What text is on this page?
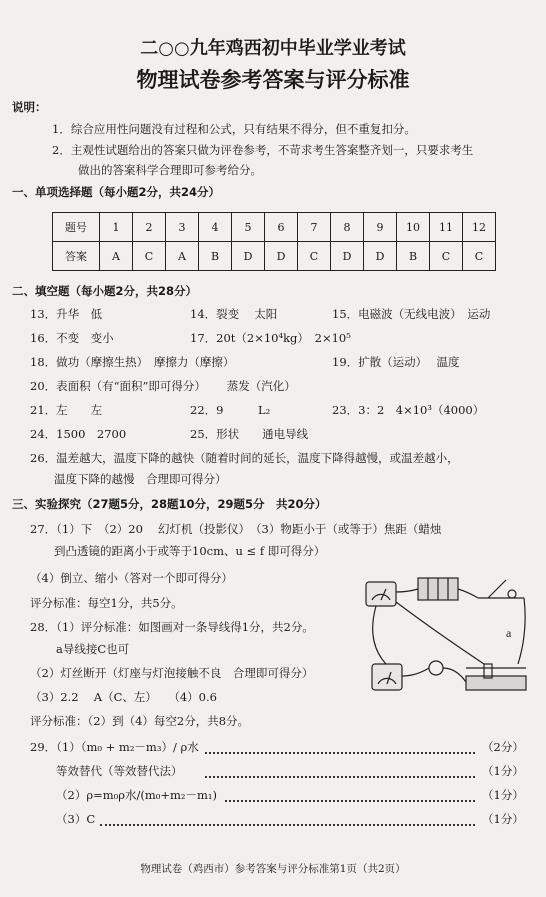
二○○九年鸡西初中毕业学业考试
物理试卷参考答案与评分标准
说明：
1．综合应用性问题没有过程和公式，只有结果不得分，但不重复扣分。
2．主观性试题给出的答案只做为评卷参考，不苛求考生答案整齐划一，只要求考生
做出的答案科学合理即可参考给分。
一、单项选择题（每小题2分，共24分）
题号	1	2	3	4	5	6	7	8	9	10	11	12
答案	A	C	A	B	D	D	C	D	D	B	C	C
二、填空题（每小题2分，共28分）
13．升华　低	14．裂变　 太阳	15．电磁波（无线电波）　运动
16．不变　变小	17．20t（2×10⁴kg）　2×10⁵
18．做功（摩擦生热）　摩擦力（摩擦）	19．扩散（运动）　 温度
20．表面积（有“面积”即可得分）　　 蒸发（汽化）
21．左　　左	22．9　　　L₂	23．3：2　4×10³（4000）
24．1500　2700	25．形状　　通电导线
26．温差越大，温度下降的越快（随着时间的延长，温度下降得越慢，或温差越小，
温度下降的越慢　合理即可得分）
三、实验探究（27题5分，28题10分，29题5分　共20分）
27．（1）下　（2）20　 幻灯机（投影仪）　（3）物距小于（或等于）焦距（蜡烛
到凸透镜的距离小于或等于10cm、u ≤ f 即可得分）
（4）倒立、缩小（答对一个即可得分）
评分标准：每空1分，共5分。
28．（1）评分标准：如图画对一条导线得1分，共2分。
a导线接C也可
（2）灯丝断开（灯座与灯泡接触不良　合理即可得分）
（3）2.2　 A（C、左）　　（4）0.6
评分标准：（2）到（4）每空2分，共8分。
29．（1）（m₀ + m₂－m₃）/ ρ水	（2分）
等效替代（等效替代法）	（1分）
（2）ρ=m₀ρ水/(m₀+m₂－m₁)	（1分）
（3）C	（1分）
a
物理试卷（鸡西市）参考答案与评分标准第1页（共2页）
